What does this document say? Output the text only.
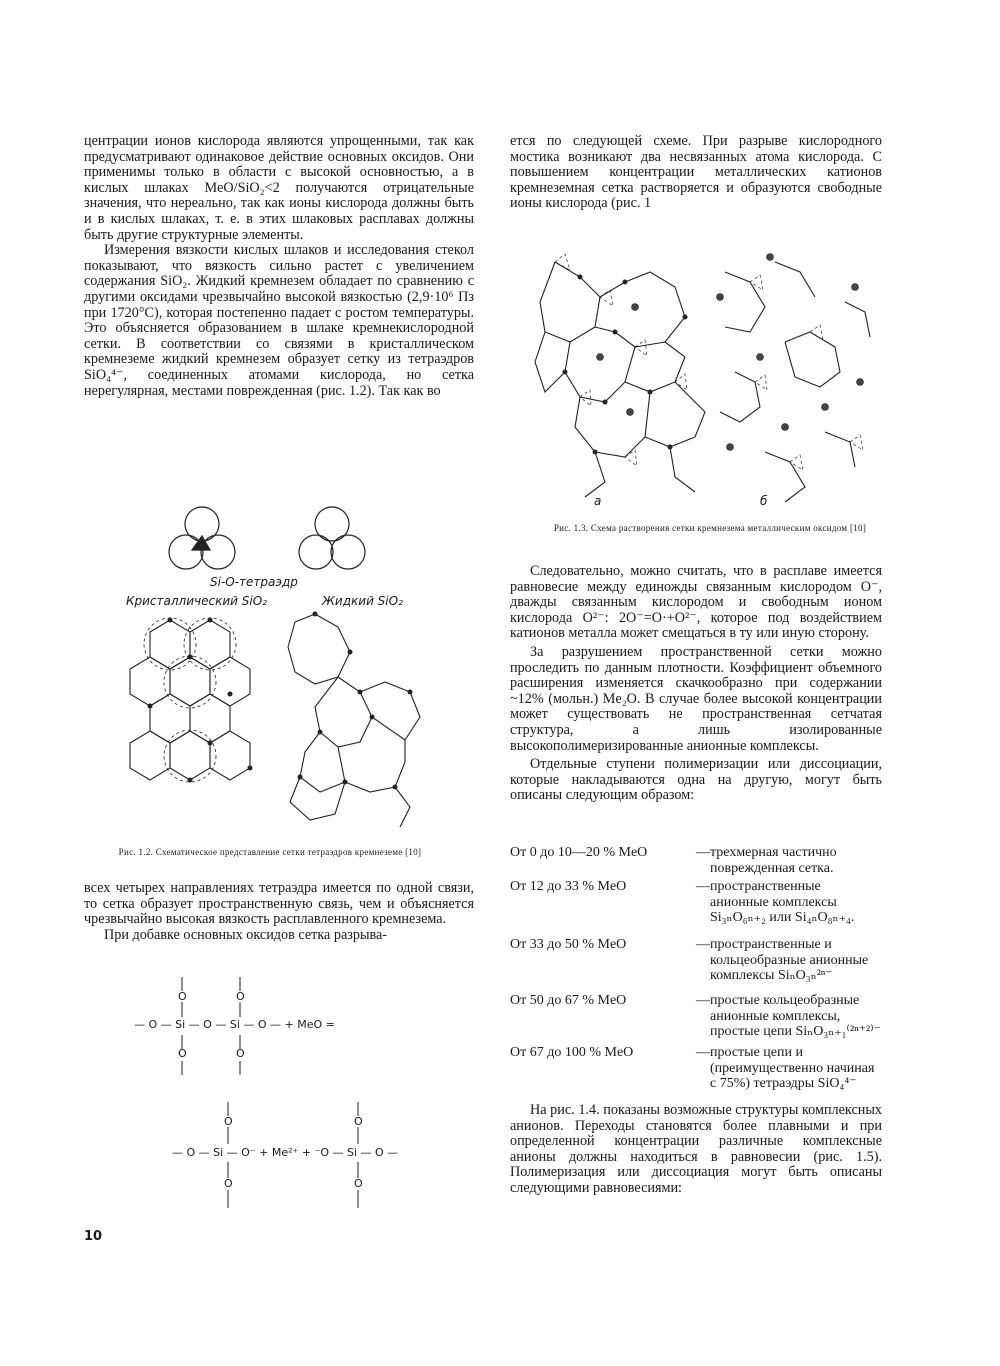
центрации ионов кислорода являются упрощенными, так как предусматривают одинаковое действие основных оксидов. Они применимы только в области с высокой основностью, а в кислых шлаках MeO/SiO₂<2 получаются отрицательные значения, что нереально, так как ионы кислорода должны быть и в кислых шлаках, т. е. в этих шлаковых расплавах должны быть другие структурные элементы.

Измерения вязкости кислых шлаков и исследования стекол показывают, что вязкость сильно растет с увеличением содержания SiO₂. Жидкий кремнезем обладает по сравнению с другими оксидами чрезвычайно высокой вязкостью (2,9·10⁶ Пз при 1720°C), которая постепенно падает с ростом температуры. Это объясняется образованием в шлаке кремнекислородной сетки. В соответствии со связями в кристаллическом кремнеземе жидкий кремнезем образует сетку из тетраэдров SiO₄⁴⁻, соединенных атомами кислорода, но сетка нерегулярная, местами поврежденная (рис. 1.2). Так как во

Si-O-тетраэдр
Кристаллический SiO₂	Жидкий SiO₂
Рис. 1.2. Схематическое представление сетки тетраэдров кремнеземе [10]

всех четырех направлениях тетраэдра имеется по одной связи, то сетка образует пространственную связь, чем и объясняется чрезвычайно высокая вязкость расплавленного кремнезема.

При добавке основных оксидов сетка разрыва-

O	O
— O — Si — O — Si — O — + MeO =
O	O
O	O
— O — Si — O⁻ + Me²⁺ + ⁻O — Si — O —
O	O

ется по следующей схеме. При разрыве кислородного мостика возникают два несвязанных атома кислорода. С повышением концентрации металлических катионов кремнеземная сетка растворяется и образуются свободные ионы кислорода (рис. 1

а	б
Рис. 1.3. Схема растворения сетки кремнезема металлическим оксидом [10]

Следовательно, можно считать, что в расплаве имеется равновесие между единожды связанным кислородом O⁻, дважды связанным кислородом и свободным ионом кислорода O²⁻: 2O⁻=O·+O²⁻, которое под воздействием катионов металла может смещаться в ту или иную сторону.

За разрушением пространственной сетки можно проследить по данным плотности. Коэффициент объемного расширения изменяется скачкообразно при содержании ~12% (мольн.) Me₂O. В случае более высокой концентрации может существовать не пространственная сетчатая структура, а лишь изолированные высокополимеризированные анионные комплексы.

Отдельные ступени полимеризации или диссоциации, которые накладываются одна на другую, могут быть описаны следующим образом:

От 0 до 10—20 % MeO	— трехмерная частично поврежденная сетка.
От 12 до 33 % MeO	— пространственные анионные комплексы Si₃ₙO₆ₙ₊₂ или Si₄ₙO₈ₙ₊₄.
От 33 до 50 % MeO	— пространственные и кольцеобразные анионные комплексы SiₙO₃ₙ²ⁿ⁻
От 50 до 67 % MeO	— простые кольцеобразные анионные комплексы, простые цепи SiₙO₃ₙ₊₁⁽²ⁿ⁺²⁾⁻
От 67 до 100 % MeO	— простые цепи и (преимущественно начиная с 75%) тетраэдры SiO₄⁴⁻

На рис. 1.4. показаны возможные структуры комплексных анионов. Переходы становятся более плавными и при определенной концентрации различные комплексные анионы должны находиться в равновесии (рис. 1.5). Полимеризация или диссоциация могут быть описаны следующими равновесиями:

10
